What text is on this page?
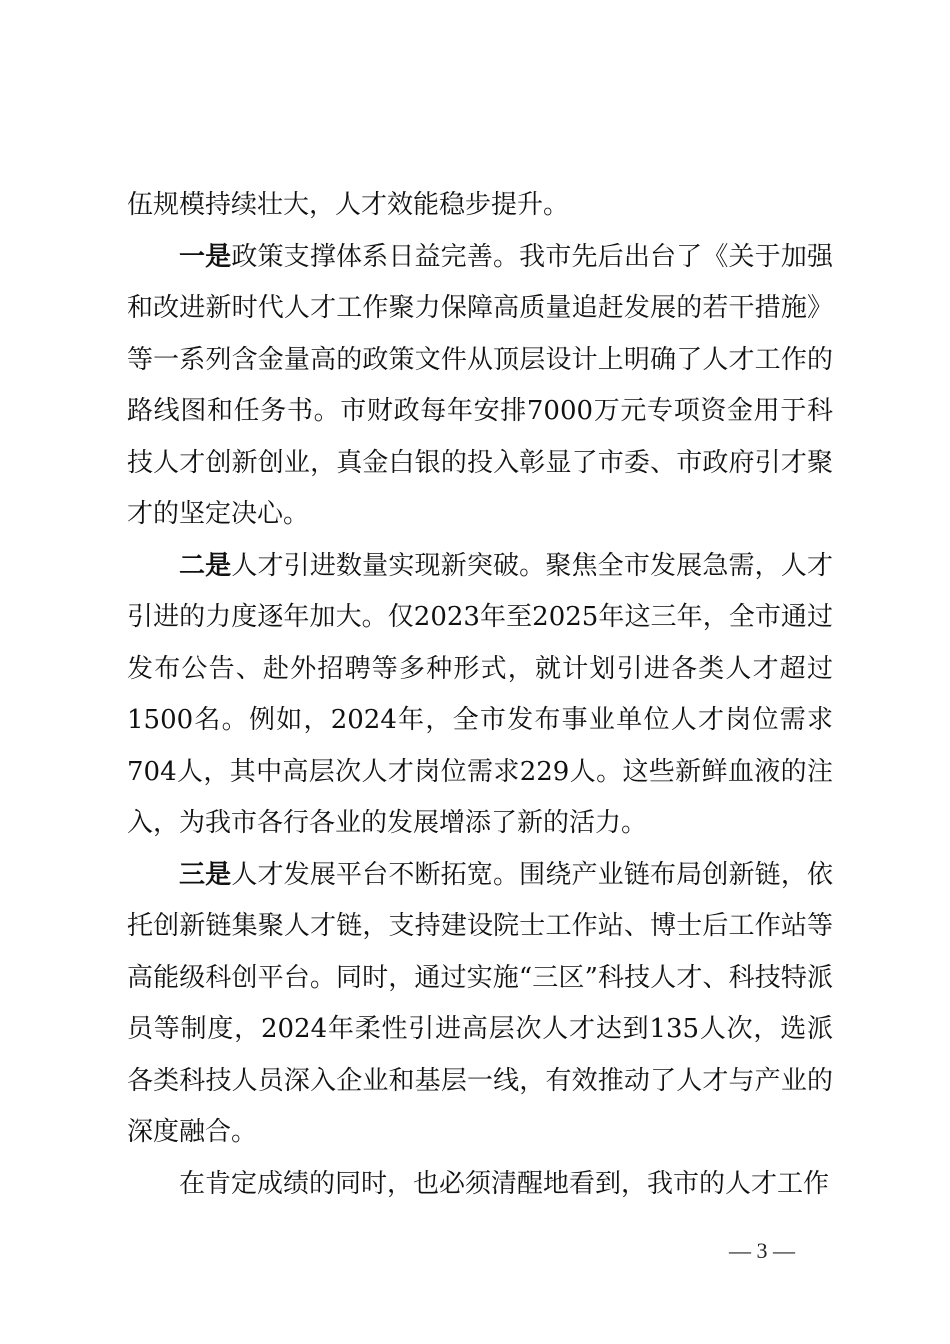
伍规模持续壮大，人才效能稳步提升。

一是政策支撑体系日益完善。我市先后出台了《关于加强和改进新时代人才工作聚力保障高质量追赶发展的若干措施》等一系列含金量高的政策文件从顶层设计上明确了人才工作的路线图和任务书。市财政每年安排7000万元专项资金用于科技人才创新创业，真金白银的投入彰显了市委、市政府引才聚才的坚定决心。

二是人才引进数量实现新突破。聚焦全市发展急需，人才引进的力度逐年加大。仅2023年至2025年这三年，全市通过发布公告、赴外招聘等多种形式，就计划引进各类人才超过1500名。例如，2024年，全市发布事业单位人才岗位需求704人，其中高层次人才岗位需求229人。这些新鲜血液的注入，为我市各行各业的发展增添了新的活力。

三是人才发展平台不断拓宽。围绕产业链布局创新链，依托创新链集聚人才链，支持建设院士工作站、博士后工作站等高能级科创平台。同时，通过实施“三区”科技人才、科技特派员等制度，2024年柔性引进高层次人才达到135人次，选派各类科技人员深入企业和基层一线，有效推动了人才与产业的深度融合。

在肯定成绩的同时，也必须清醒地看到，我市的人才工作

— 3 —
